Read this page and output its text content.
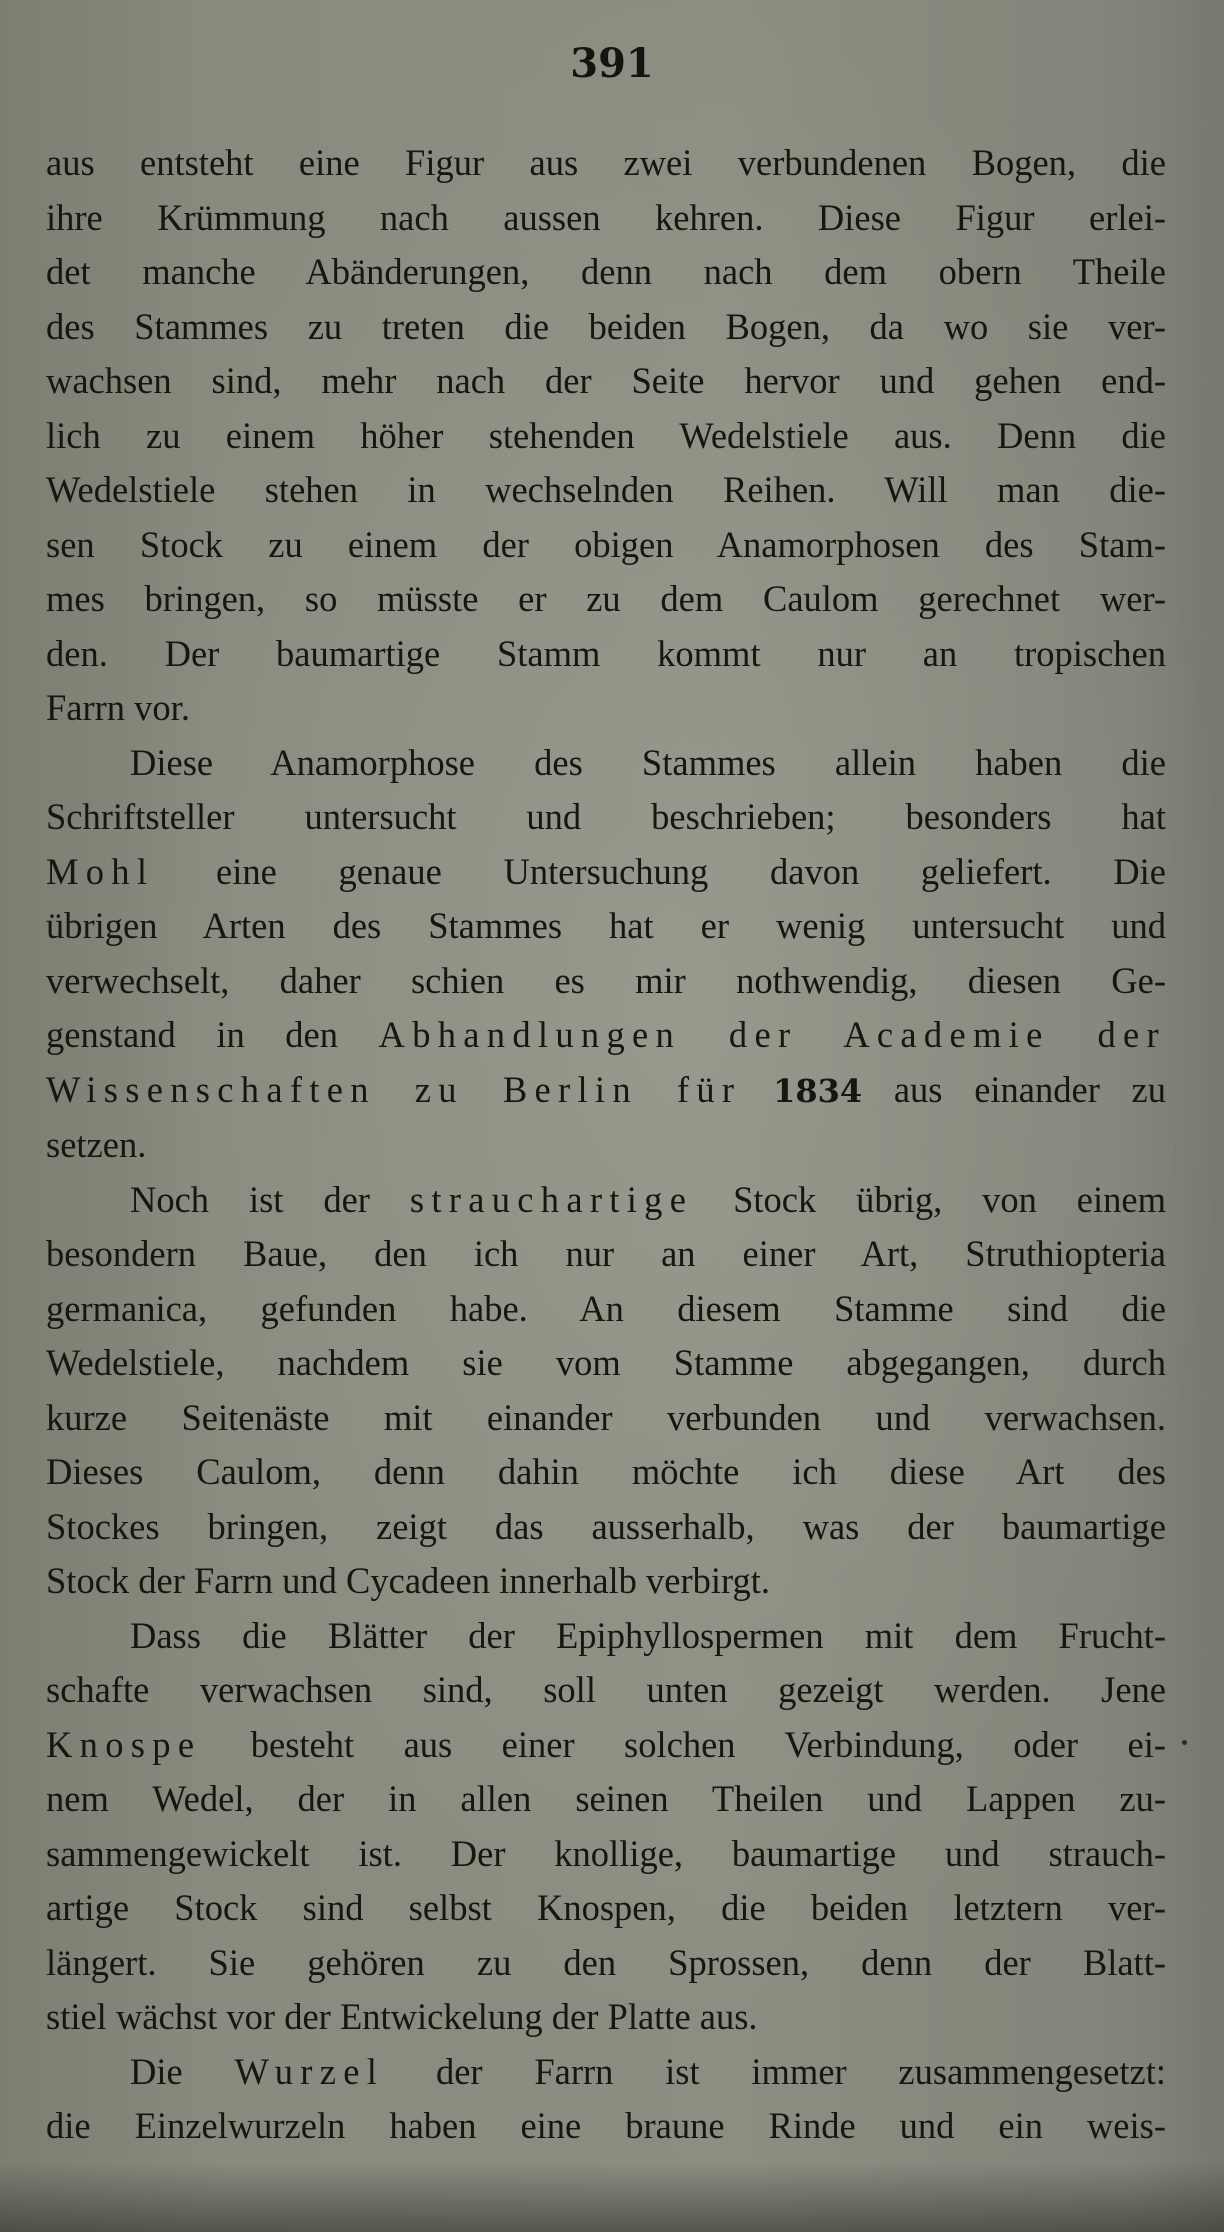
391
aus entsteht eine Figur aus zwei verbundenen Bogen, die
ihre Krümmung nach aussen kehren. Diese Figur erlei-
det manche Abänderungen, denn nach dem obern Theile
des Stammes zu treten die beiden Bogen, da wo sie ver-
wachsen sind, mehr nach der Seite hervor und gehen end-
lich zu einem höher stehenden Wedelstiele aus. Denn die
Wedelstiele stehen in wechselnden Reihen. Will man die-
sen Stock zu einem der obigen Anamorphosen des Stam-
mes bringen, so müsste er zu dem Caulom gerechnet wer-
den. Der baumartige Stamm kommt nur an tropischen
Farrn vor.
Diese Anamorphose des Stammes allein haben die
Schriftsteller untersucht und beschrieben; besonders hat
Mohl eine genaue Untersuchung davon geliefert. Die
übrigen Arten des Stammes hat er wenig untersucht und
verwechselt, daher schien es mir nothwendig, diesen Ge-
genstand in den Abhandlungen der Academie der
Wissenschaften zu Berlin für 1834 aus einander zu
setzen.
Noch ist der strauchartige Stock übrig, von einem
besondern Baue, den ich nur an einer Art, Struthiopteria
germanica, gefunden habe. An diesem Stamme sind die
Wedelstiele, nachdem sie vom Stamme abgegangen, durch
kurze Seitenäste mit einander verbunden und verwachsen.
Dieses Caulom, denn dahin möchte ich diese Art des
Stockes bringen, zeigt das ausserhalb, was der baumartige
Stock der Farrn und Cycadeen innerhalb verbirgt.
Dass die Blätter der Epiphyllospermen mit dem Frucht-
schafte verwachsen sind, soll unten gezeigt werden. Jene
Knospe besteht aus einer solchen Verbindung, oder ei-
nem Wedel, der in allen seinen Theilen und Lappen zu-
sammengewickelt ist. Der knollige, baumartige und strauch-
artige Stock sind selbst Knospen, die beiden letztern ver-
längert. Sie gehören zu den Sprossen, denn der Blatt-
stiel wächst vor der Entwickelung der Platte aus.
Die Wurzel der Farrn ist immer zusammengesetzt:
die Einzelwurzeln haben eine braune Rinde und ein weis-
